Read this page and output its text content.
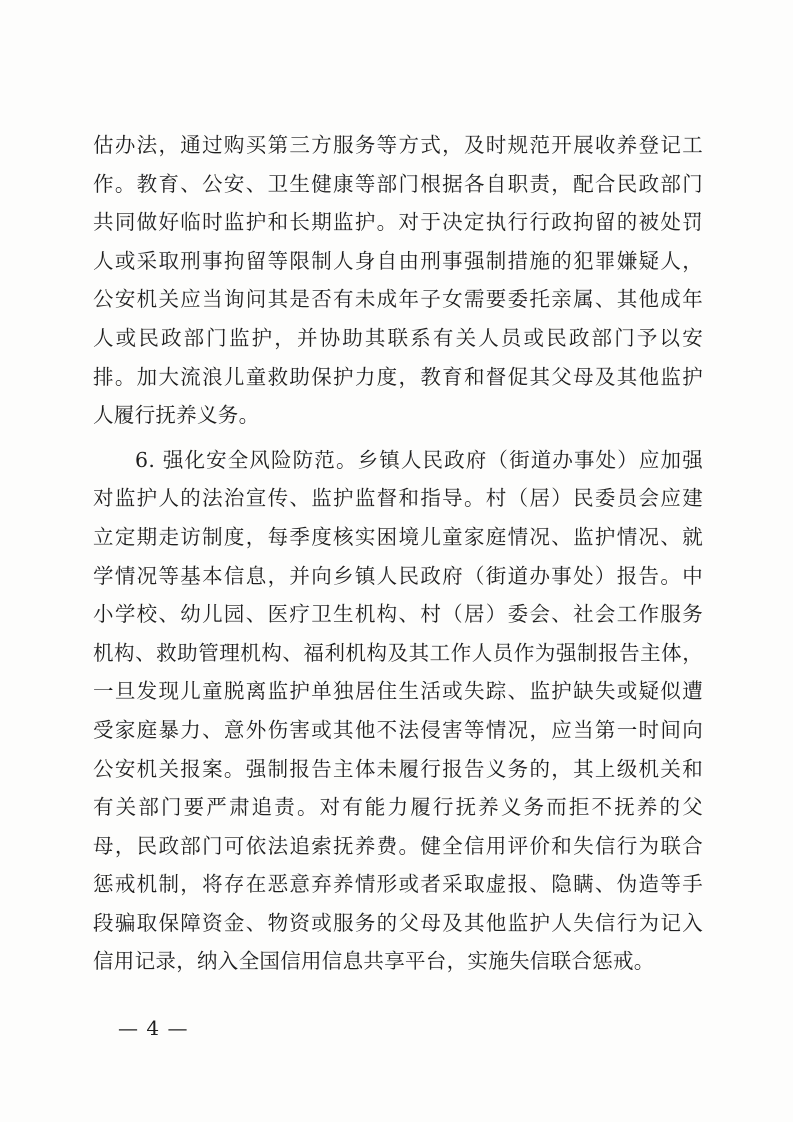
估办法，通过购买第三方服务等方式，及时规范开展收养登记工
作。教育、公安、卫生健康等部门根据各自职责，配合民政部门
共同做好临时监护和长期监护。对于决定执行行政拘留的被处罚
人或采取刑事拘留等限制人身自由刑事强制措施的犯罪嫌疑人，
公安机关应当询问其是否有未成年子女需要委托亲属、其他成年
人或民政部门监护，并协助其联系有关人员或民政部门予以安
排。加大流浪儿童救助保护力度，教育和督促其父母及其他监护
人履行抚养义务。
6. 强化安全风险防范。乡镇人民政府（街道办事处）应加强
对监护人的法治宣传、监护监督和指导。村（居）民委员会应建
立定期走访制度，每季度核实困境儿童家庭情况、监护情况、就
学情况等基本信息，并向乡镇人民政府（街道办事处）报告。中
小学校、幼儿园、医疗卫生机构、村（居）委会、社会工作服务
机构、救助管理机构、福利机构及其工作人员作为强制报告主体，
一旦发现儿童脱离监护单独居住生活或失踪、监护缺失或疑似遭
受家庭暴力、意外伤害或其他不法侵害等情况，应当第一时间向
公安机关报案。强制报告主体未履行报告义务的，其上级机关和
有关部门要严肃追责。对有能力履行抚养义务而拒不抚养的父
母，民政部门可依法追索抚养费。健全信用评价和失信行为联合
惩戒机制，将存在恶意弃养情形或者采取虚报、隐瞒、伪造等手
段骗取保障资金、物资或服务的父母及其他监护人失信行为记入
信用记录，纳入全国信用信息共享平台，实施失信联合惩戒。
— 4 —
